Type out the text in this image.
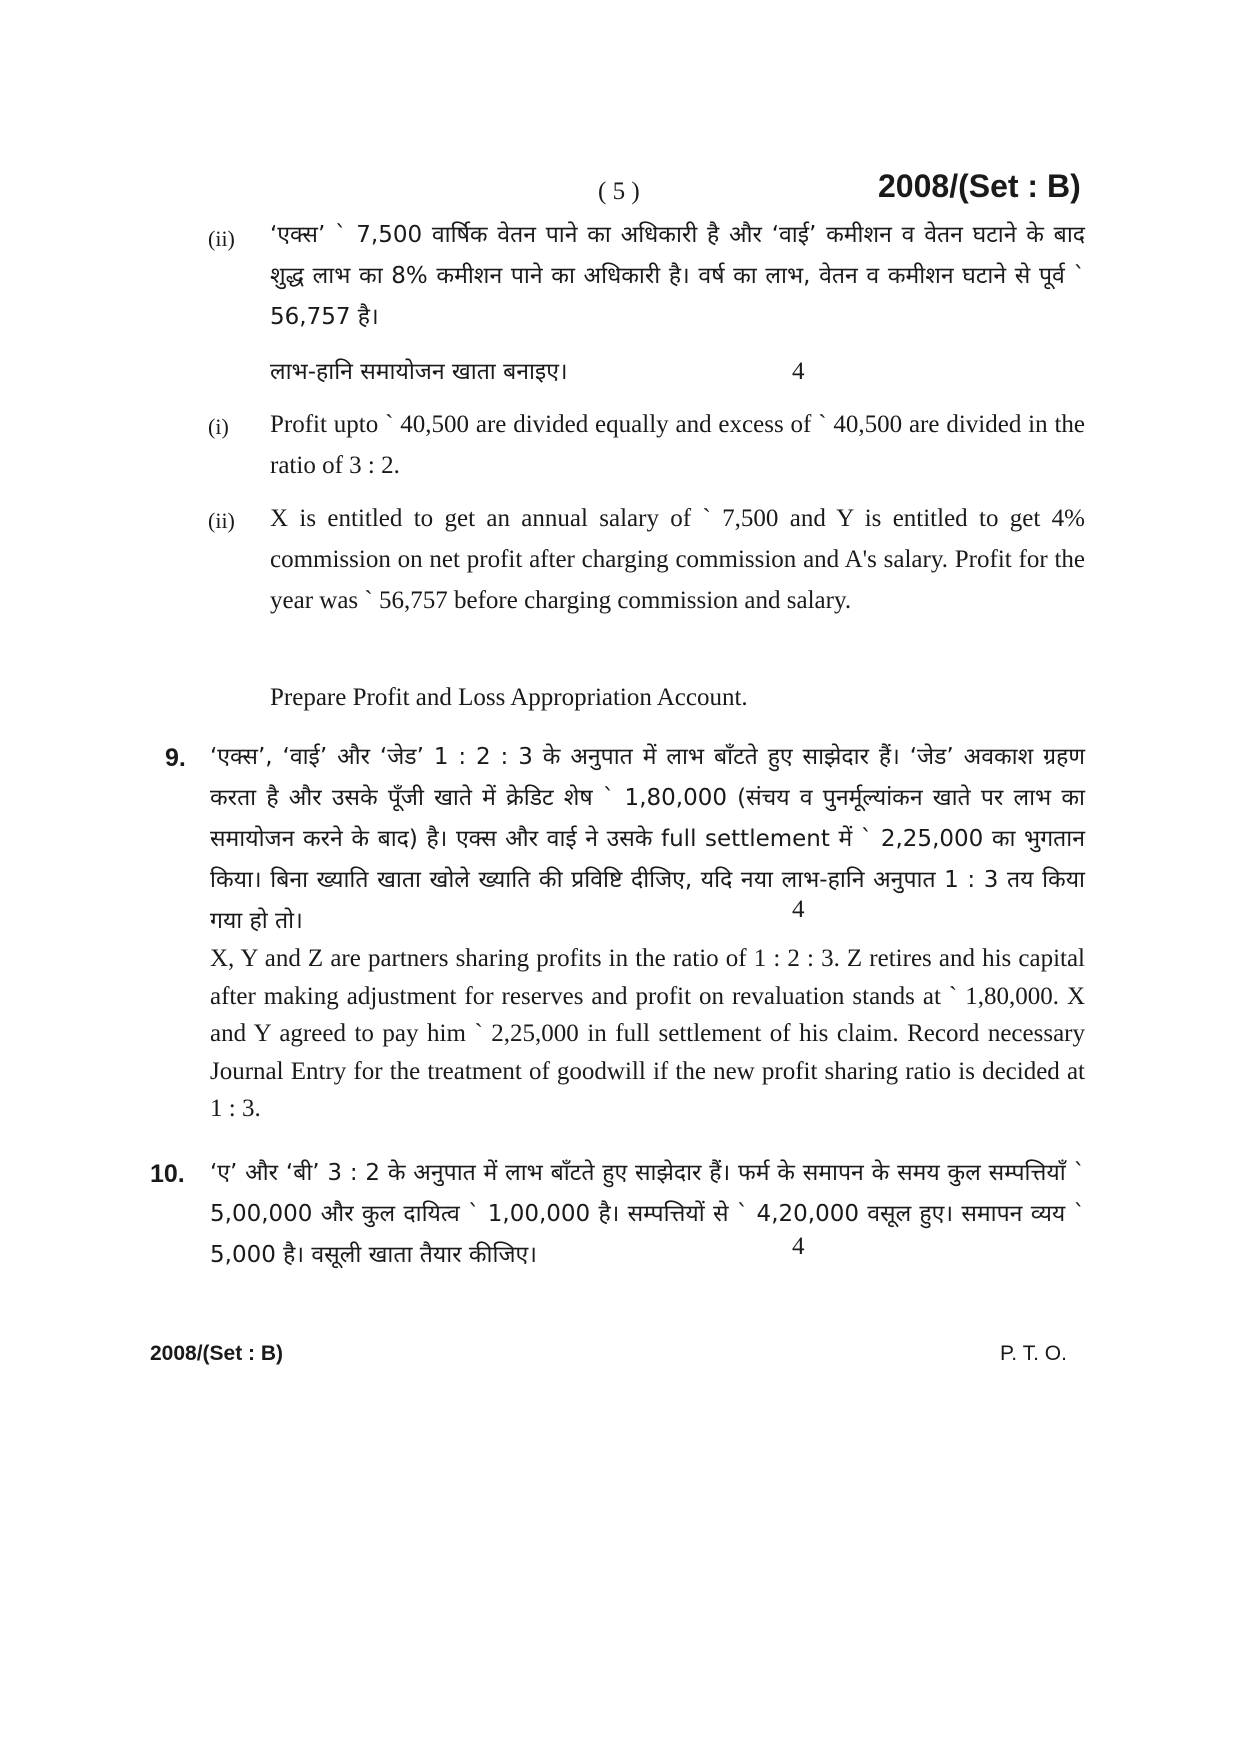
( 5 )	2008/(Set : B)
(ii) ‘एक्स’ ` 7,500 वार्षिक वेतन पाने का अधिकारी है और ‘वाई’ कमीशन व वेतन घटाने के बाद शुद्ध लाभ का 8% कमीशन पाने का अधिकारी है। वर्ष का लाभ, वेतन व कमीशन घटाने से पूर्व ` 56,757 है।

लाभ-हानि समायोजन खाता बनाइए।	4
(i) Profit upto ` 40,500 are divided equally and excess of ` 40,500 are divided in the ratio of 3 : 2.

(ii) X is entitled to get an annual salary of ` 7,500 and Y is entitled to get 4% commission on net profit after charging commission and A's salary. Profit for the year was ` 56,757 before charging commission and salary.

Prepare Profit and Loss Appropriation Account.

9. ‘एक्स’, ‘वाई’ और ‘जेड’ 1 : 2 : 3 के अनुपात में लाभ बाँटते हुए साझेदार हैं। ‘जेड’ अवकाश ग्रहण करता है और उसके पूँजी खाते में क्रेडिट शेष ` 1,80,000 (संचय व पुनर्मूल्यांकन खाते पर लाभ का समायोजन करने के बाद) है। एक्स और वाई ने उसके full settlement में ` 2,25,000 का भुगतान किया। बिना ख्याति खाता खोले ख्याति की प्रविष्टि दीजिए, यदि नया लाभ-हानि अनुपात 1 : 3 तय किया गया हो तो।	4

X, Y and Z are partners sharing profits in the ratio of 1 : 2 : 3. Z retires and his capital after making adjustment for reserves and profit on revaluation stands at ` 1,80,000. X and Y agreed to pay him ` 2,25,000 in full settlement of his claim. Record necessary Journal Entry for the treatment of goodwill if the new profit sharing ratio is decided at 1 : 3.

10. ‘ए’ और ‘बी’ 3 : 2 के अनुपात में लाभ बाँटते हुए साझेदार हैं। फर्म के समापन के समय कुल सम्पत्तियाँ ` 5,00,000 और कुल दायित्व ` 1,00,000 है। सम्पत्तियों से ` 4,20,000 वसूल हुए। समापन व्यय ` 5,000 है। वसूली खाता तैयार कीजिए।	4
2008/(Set : B)	P. T. O.
